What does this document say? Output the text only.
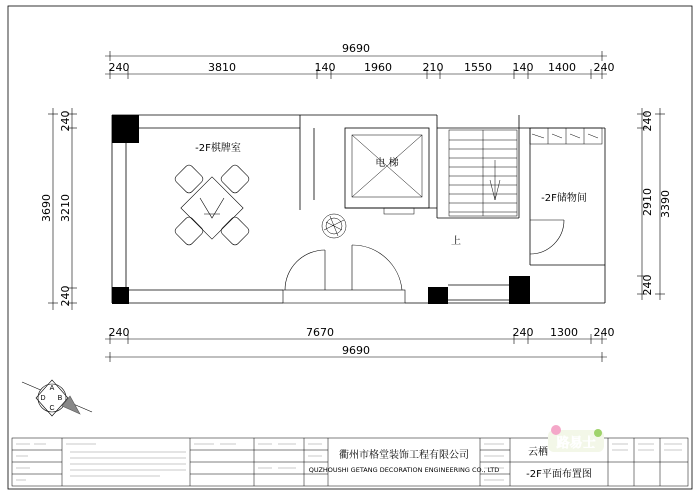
9690
240	3810	140	1960	210 1550 140 1400 240
240	7670	240 1300 240
9690
3690
240
3210
240
240
2910
240
3390
电 梯
上
-2F棋牌室
-2F储物间
A
B
C
D
衢州市格堂装饰工程有限公司
QUZHOUSHI GETANG DECORATION ENGINEERING CO., LTD
云栖
-2F平面布置图
路易士
